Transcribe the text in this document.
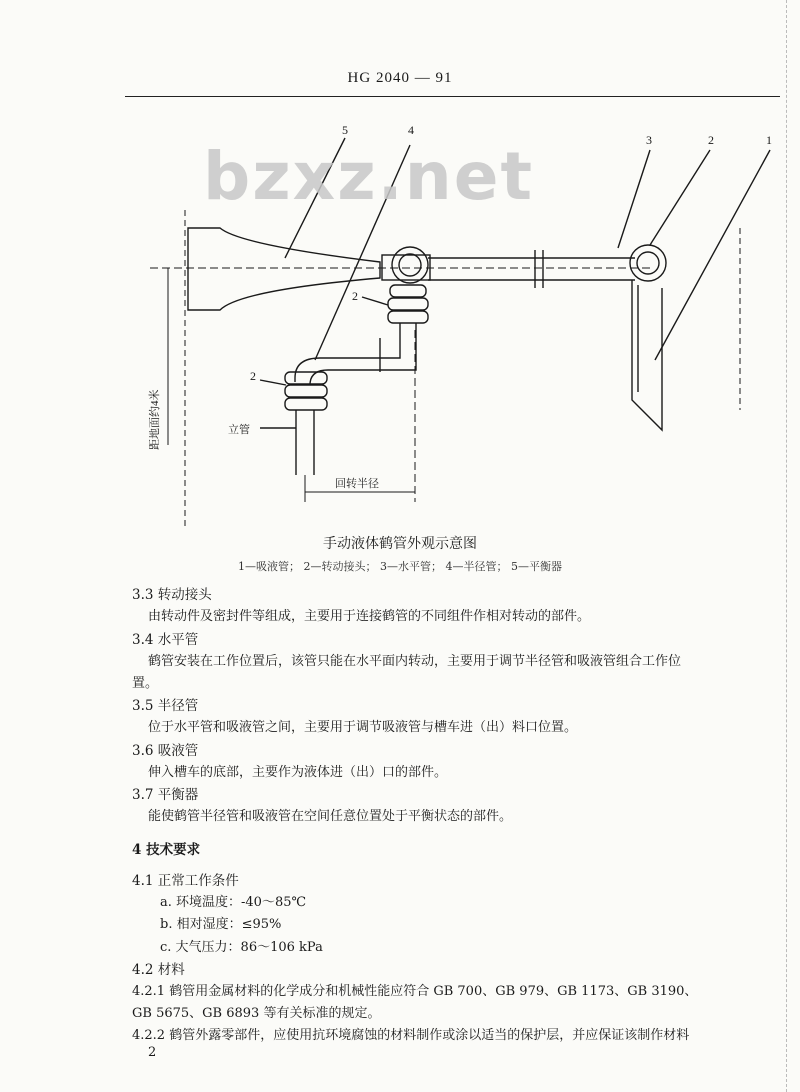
HG 2040 — 91
5	4
3	2	1
2
2
立管
回转半径
距地面约4米
bzxz.net
手动液体鹤管外观示意图
1—吸液管； 2—转动接头； 3—水平管； 4—半径管； 5—平衡器
3.3 转动接头
由转动件及密封件等组成，主要用于连接鹤管的不同组件作相对转动的部件。
3.4 水平管
鹤管安装在工作位置后，该管只能在水平面内转动，主要用于调节半径管和吸液管组合工作位
置。
3.5 半径管
位于水平管和吸液管之间，主要用于调节吸液管与槽车进（出）料口位置。
3.6 吸液管
伸入槽车的底部，主要作为液体进（出）口的部件。
3.7 平衡器
能使鹤管半径管和吸液管在空间任意位置处于平衡状态的部件。
4 技术要求
4.1 正常工作条件
a. 环境温度：-40～85℃
b. 相对湿度：≤95%
c. 大气压力：86～106 kPa
4.2 材料
4.2.1 鹤管用金属材料的化学成分和机械性能应符合 GB 700、GB 979、GB 1173、GB 3190、
GB 5675、GB 6893 等有关标准的规定。
4.2.2 鹤管外露零部件，应使用抗环境腐蚀的材料制作或涂以适当的保护层，并应保证该制作材料
2
